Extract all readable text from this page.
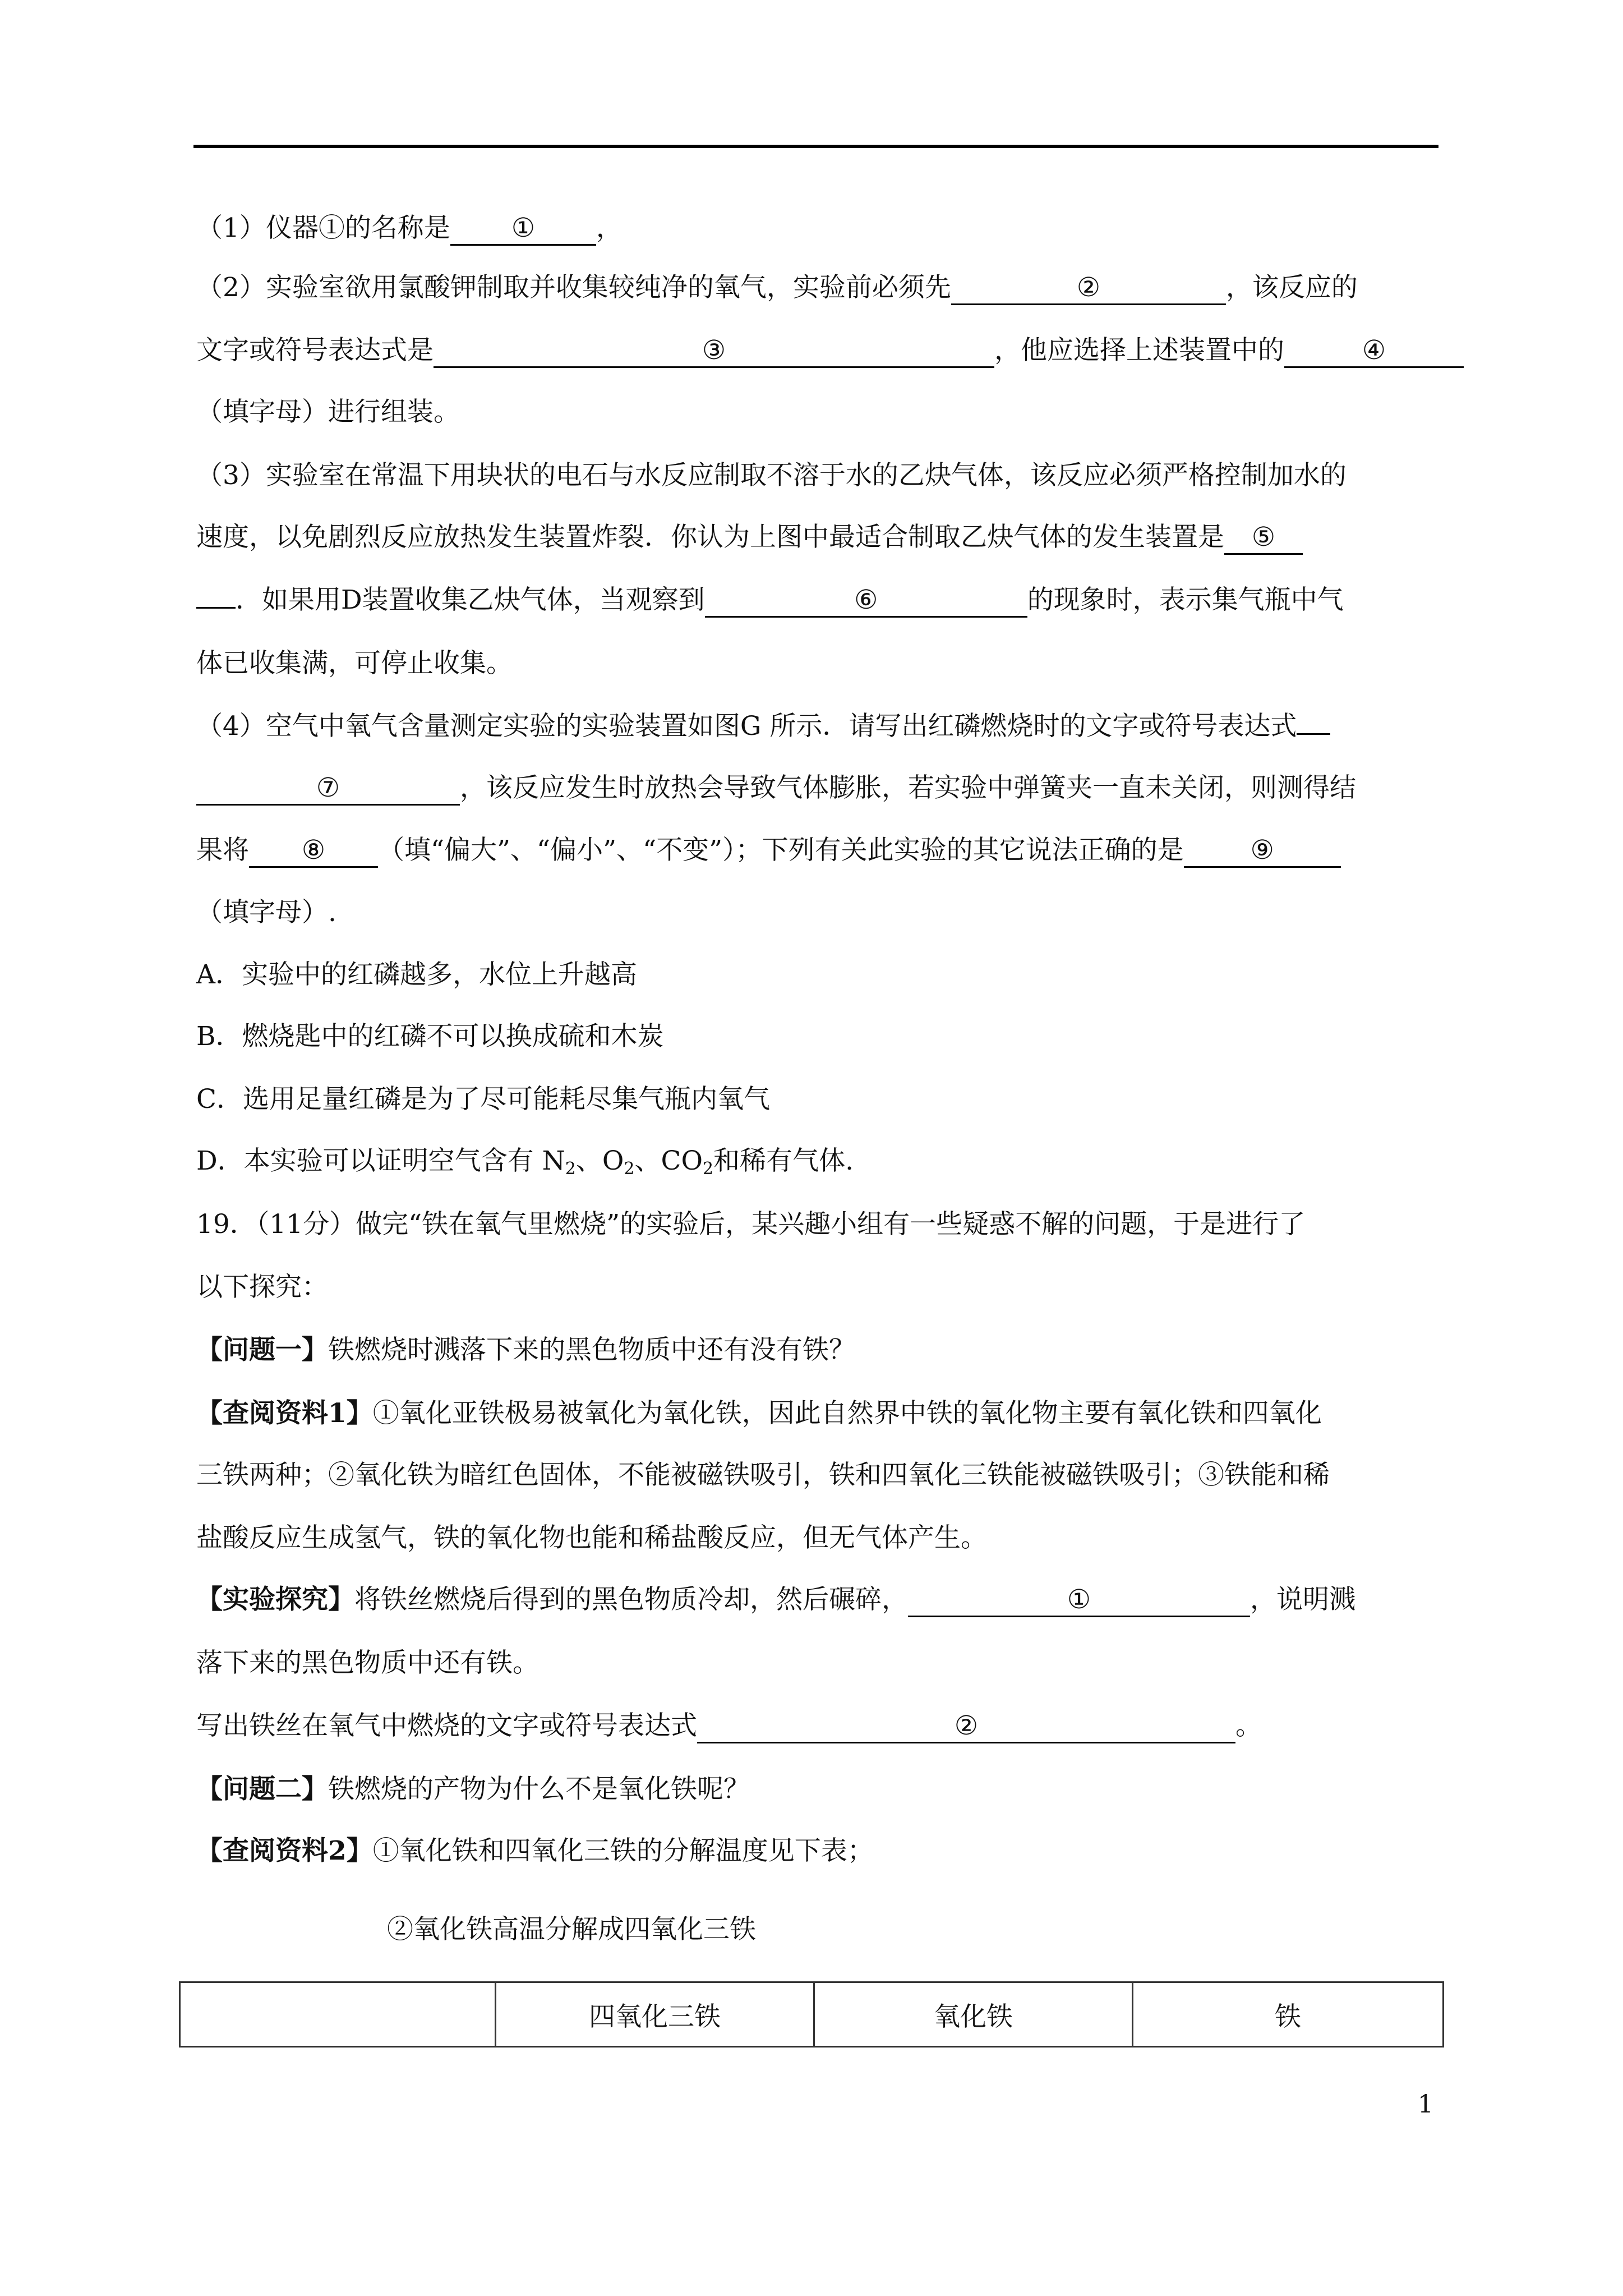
（1）仪器①的名称是 ① ，
（2）实验室欲用氯酸钾制取并收集较纯净的氧气，实验前必须先	②	，该反应的
文字或符号表达式是	③	，他应选择上述装置中的	④
（填字母）进行组装。
（3）实验室在常温下用块状的电石与水反应制取不溶于水的乙炔气体，该反应必须严格控制加水的
速度，以免剧烈反应放热发生装置炸裂．你认为上图中最适合制取乙炔气体的发生装置是 ⑤
．如果用D装置收集乙炔气体，当观察到	⑥	的现象时，表示集气瓶中气
体已收集满，可停止收集。
（4）空气中氧气含量测定实验的实验装置如图G 所示．请写出红磷燃烧时的文字或符号表达式
⑦	，该反应发生时放热会导致气体膨胀，若实验中弹簧夹一直未关闭，则测得结
果将 ⑧ （填“偏大”、“偏小”、“不变”）；下列有关此实验的其它说法正确的是	⑨
（填字母）.
A．实验中的红磷越多，水位上升越高
B．燃烧匙中的红磷不可以换成硫和木炭
C．选用足量红磷是为了尽可能耗尽集气瓶内氧气
D．本实验可以证明空气含有 $N_2$、$O_2$、$CO_2$和稀有气体.
19．（11分）做完“铁在氧气里燃烧”的实验后，某兴趣小组有一些疑惑不解的问题，于是进行了
以下探究：
【问题一】铁燃烧时溅落下来的黑色物质中还有没有铁？
【查阅资料1】①氧化亚铁极易被氧化为氧化铁，因此自然界中铁的氧化物主要有氧化铁和四氧化
三铁两种；②氧化铁为暗红色固体，不能被磁铁吸引，铁和四氧化三铁能被磁铁吸引；③铁能和稀
盐酸反应生成氢气，铁的氧化物也能和稀盐酸反应，但无气体产生。
【实验探究】将铁丝燃烧后得到的黑色物质冷却，然后碾碎，	①	，说明溅
落下来的黑色物质中还有铁。
写出铁丝在氧气中燃烧的文字或符号表达式	②	。
【问题二】铁燃烧的产物为什么不是氧化铁呢？
【查阅资料2】①氧化铁和四氧化三铁的分解温度见下表；
②氧化铁高温分解成四氧化三铁
	四氧化三铁	氧化铁	铁
1
